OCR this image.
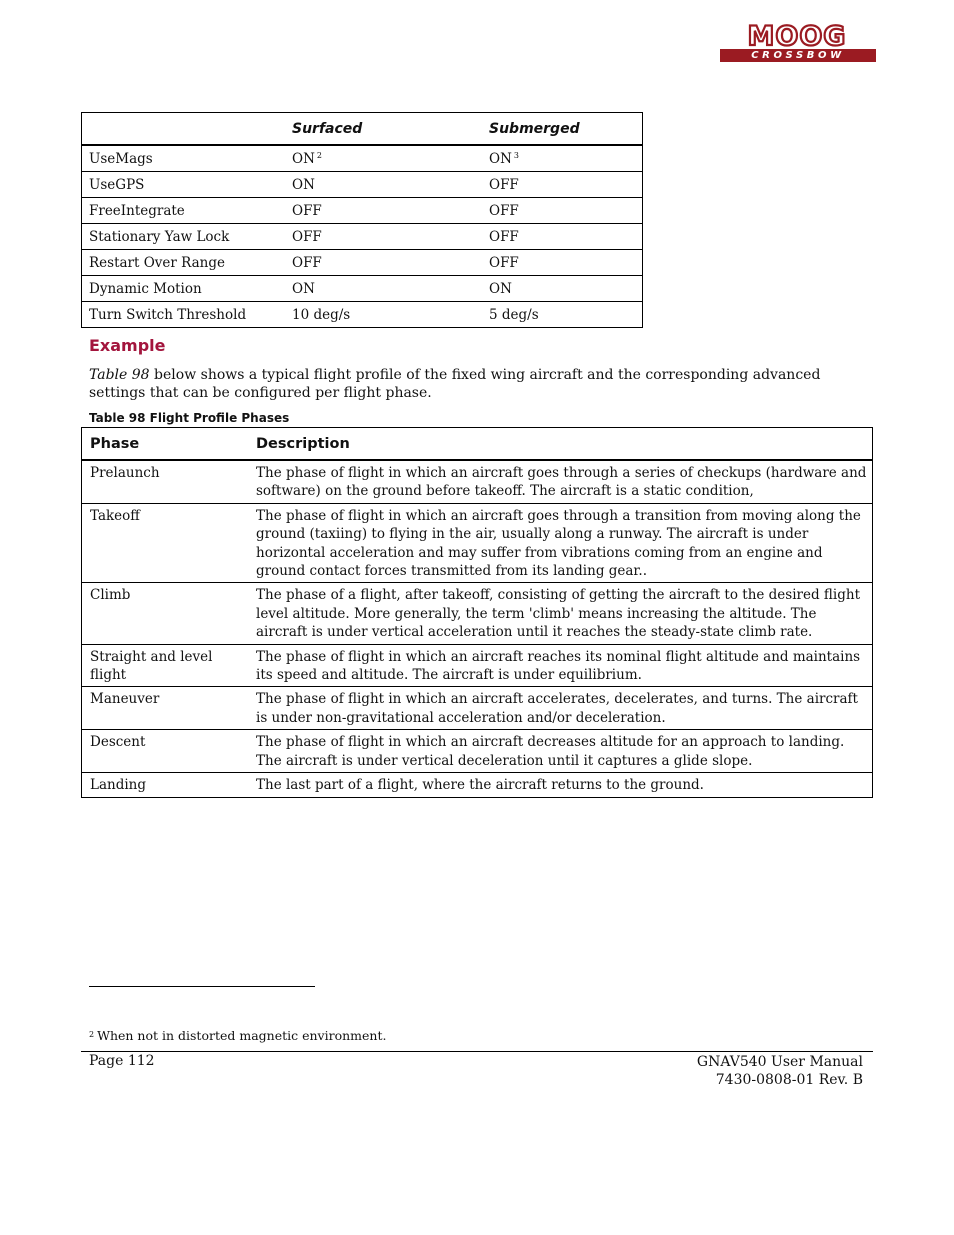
MOOG
CROSSBOW
	Surfaced	Submerged
UseMags	ON $^2$	ON $^3$
UseGPS	ON	OFF
FreeIntegrate	OFF	OFF
Stationary Yaw Lock	OFF	OFF
Restart Over Range	OFF	OFF
Dynamic Motion	ON	ON
Turn Switch Threshold	10 deg/s	5 deg/s
Example

Table 98 below shows a typical flight profile of the fixed wing aircraft and the corresponding advanced settings that can be configured per flight phase.

Table 98 Flight Profile Phases

Phase	Description
Prelaunch	The phase of flight in which an aircraft goes through a series of checkups (hardware and software) on the ground before takeoff. The aircraft is a static condition,
Takeoff	The phase of flight in which an aircraft goes through a transition from moving along the ground (taxiing) to flying in the air, usually along a runway. The aircraft is under horizontal acceleration and may suffer from vibrations coming from an engine and ground contact forces transmitted from its landing gear..
Climb	The phase of a flight, after takeoff, consisting of getting the aircraft to the desired flight level altitude. More generally, the term 'climb' means increasing the altitude. The aircraft is under vertical acceleration until it reaches the steady-state climb rate.
Straight and level flight	The phase of flight in which an aircraft reaches its nominal flight altitude and maintains its speed and altitude. The aircraft is under equilibrium.
Maneuver	The phase of flight in which an aircraft accelerates, decelerates, and turns. The aircraft is under non-gravitational acceleration and/or deceleration.
Descent	The phase of flight in which an aircraft decreases altitude for an approach to landing. The aircraft is under vertical deceleration until it captures a glide slope.
Landing	The last part of a flight, where the aircraft returns to the ground.

$^2$ When not in distorted magnetic environment.

Page 112	GNAV540 User Manual
7430-0808-01 Rev. B
